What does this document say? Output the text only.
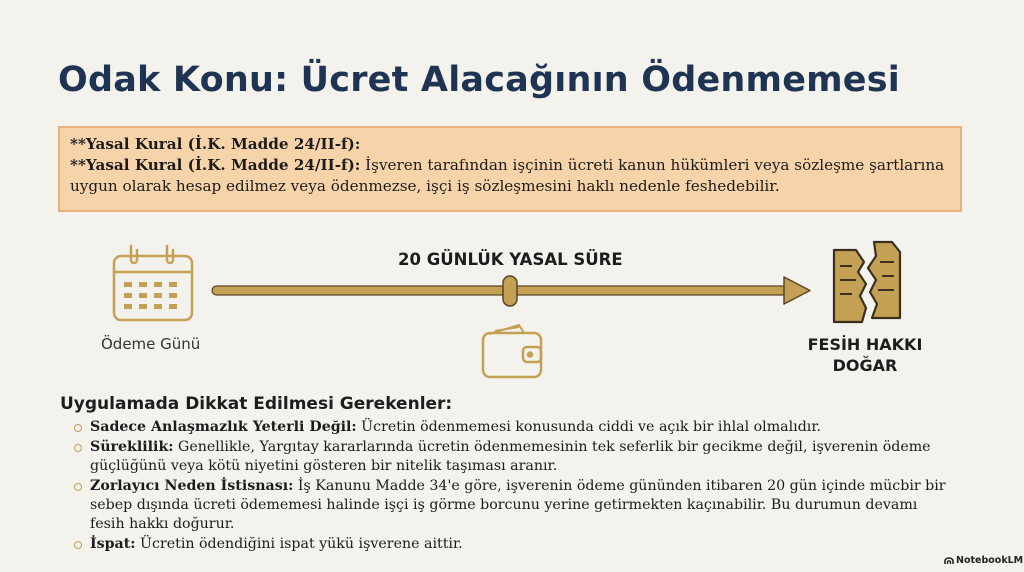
Odak Konu: Ücret Alacağının Ödenmemesi
**Yasal Kural (İ.K. Madde 24/II-f):
**Yasal Kural (İ.K. Madde 24/II-f): İşveren tarafından işçinin ücreti kanun hükümleri veya sözleşme şartlarına
uygun olarak hesap edilmez veya ödenmezse, işçi iş sözleşmesini haklı nedenle feshedebilir.
20 GÜNLÜK YASAL SÜRE
Ödeme Günü	FESİH HAKKI
DOĞAR
Uygulamada Dikkat Edilmesi Gerekenler:
Sadece Anlaşmazlık Yeterli Değil: Ücretin ödenmemesi konusunda ciddi ve açık bir ihlal olmalıdır.
Süreklilik: Genellikle, Yargıtay kararlarında ücretin ödenmemesinin tek seferlik bir gecikme değil, işverenin ödeme güçlüğünü veya kötü niyetini gösteren bir nitelik taşıması aranır.
Zorlayıcı Neden İstisnası: İş Kanunu Madde 34'e göre, işverenin ödeme gününden itibaren 20 gün içinde mücbir bir sebep dışında ücreti ödememesi halinde işçi iş görme borcunu yerine getirmekten kaçınabilir. Bu durumun devamı fesih hakkı doğurur.
İspat: Ücretin ödendiğini ispat yükü işverene aittir.
NotebookLM
